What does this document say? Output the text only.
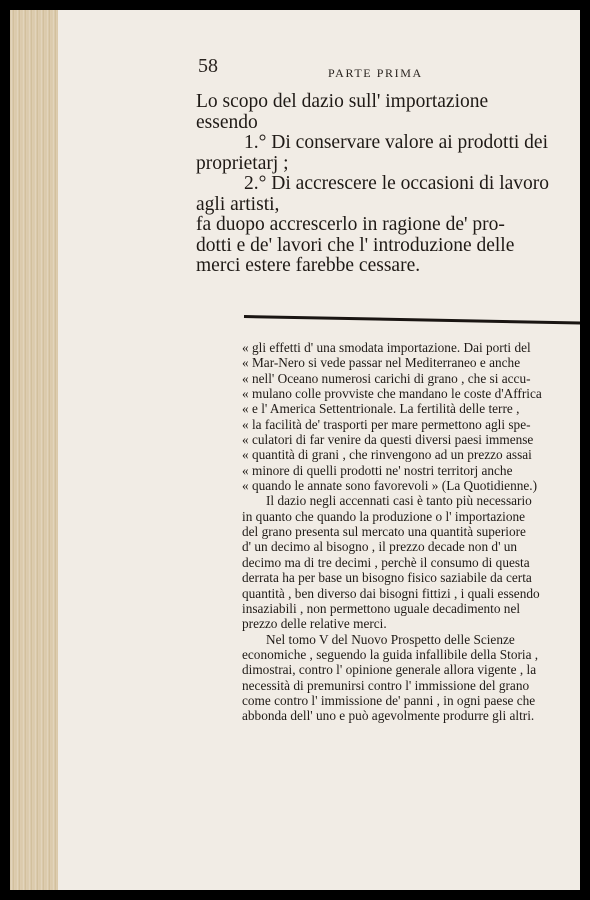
58	PARTE PRIMA
Lo scopo del dazio sull' importazione
essendo
1.° Di conservare valore ai prodotti dei
proprietarj ;
2.° Di accrescere le occasioni di lavoro
agli artisti,
fa duopo accrescerlo in ragione de' pro-
dotti e de' lavori che l' introduzione delle
merci estere farebbe cessare.
« gli effetti d' una smodata importazione. Dai porti del
« Mar-Nero si vede passar nel Mediterraneo e anche
« nell' Oceano numerosi carichi di grano , che si accu-
« mulano colle provviste che mandano le coste d'Affrica
« e l' America Settentrionale. La fertilità delle terre ,
« la facilità de' trasporti per mare permettono agli spe-
« culatori di far venire da questi diversi paesi immense
« quantità di grani , che rinvengono ad un prezzo assai
« minore di quelli prodotti ne' nostri territorj anche
« quando le annate sono favorevoli » (La Quotidienne.)
Il dazio negli accennati casi è tanto più necessario
in quanto che quando la produzione o l' importazione
del grano presenta sul mercato una quantità superiore
d' un decimo al bisogno , il prezzo decade non d' un
decimo ma di tre decimi , perchè il consumo di questa
derrata ha per base un bisogno fisico saziabile da certa
quantità , ben diverso dai bisogni fittizi , i quali essendo
insaziabili , non permettono uguale decadimento nel
prezzo delle relative merci.
Nel tomo V del Nuovo Prospetto delle Scienze
economiche , seguendo la guida infallibile della Storia ,
dimostrai, contro l' opinione generale allora vigente , la
necessità di premunirsi contro l' immissione del grano
come contro l' immissione de' panni , in ogni paese che
abbonda dell' uno e può agevolmente produrre gli altri.
